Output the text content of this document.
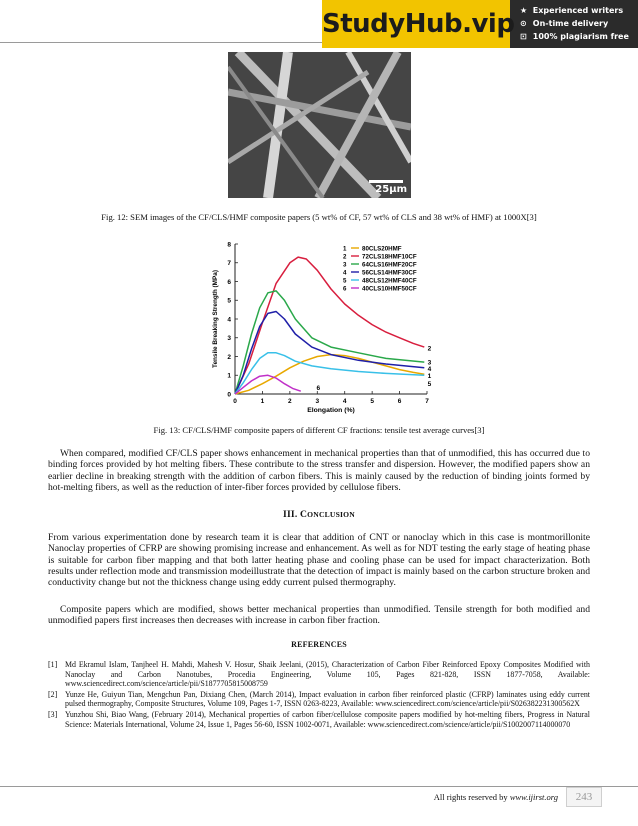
StudyHub.vip ★ Experienced writers
⊙ On-time delivery
⊡ 100% plagiarism free
25μm
Fig. 12: SEM images of the CF/CLS/HMF composite papers (5 wt% of CF, 57 wt% of CLS and 38 wt% of HMF) at 1000X[3]
0	1	2	3	4	5	6	7
0
1
2
3
4
5
6
7
8
Elongation (%)
Tensile Breaking Strength (MPa)	2
3
4
1
5
6
1	80CLS20HMF
2	72CLS18HMF10CF
3	64CLS16HMF20CF
4	56CLS14HMF30CF
5	48CLS12HMF40CF
6	40CLS10HMF50CF
Fig. 13: CF/CLS/HMF composite papers of different CF fractions: tensile test average curves[3]
When compared, modified CF/CLS paper shows enhancement in mechanical properties than that of unmodified, this has occurred due to binding forces provided by hot melting fibers. These contribute to the stress transfer and dispersion. However, the modified papers show an earlier decline in breaking strength with the addition of carbon fibers. This is mainly caused by the reduction of binding joints formed by hot-melting fibers, as well as the reduction of inter-fiber forces provided by cellulose fibers.
III. CONCLUSION
From various experimentation done by research team it is clear that addition of CNT or nanoclay which in this case is montmorillonite Nanoclay properties of CFRP are showing promising increase and enhancement. As well as for NDT testing the early stage of heating phase is suitable for carbon fiber mapping and that both latter heating phase and cooling phase can be used for impact characterization. Both results under reflection mode and transmission modeillustrate that the detection of impact is mainly based on the carbon structure broken and conductivity change but not the thickness change using eddy current pulsed thermography.
Composite papers which are modified, shows better mechanical properties than unmodified. Tensile strength for both modified and unmodified papers first increases then decreases with increase in carbon fiber fraction.
REFERENCES
[1] Md Ekramul Islam, Tanjheel H. Mahdi, Mahesh V. Hosur, Shaik Jeelani, (2015), Characterization of Carbon Fiber Reinforced Epoxy Composites Modified with Nanoclay and Carbon Nanotubes, Procedia Engineering, Volume 105, Pages 821-828, ISSN 1877-7058, Available: www.sciencedirect.com/science/article/pii/S1877705815008759
[2] Yunze He, Guiyun Tian, Mengchun Pan, Dixiang Chen, (March 2014), Impact evaluation in carbon fiber reinforced plastic (CFRP) laminates using eddy current pulsed thermography, Composite Structures, Volume 109, Pages 1-7, ISSN 0263-8223, Available: www.sciencedirect.com/science/article/pii/S026382231300562X
[3] Yunzhou Shi, Biao Wang, (February 2014), Mechanical properties of carbon fiber/cellulose composite papers modified by hot-melting fibers, Progress in Natural Science: Materials International, Volume 24, Issue 1, Pages 56-60, ISSN 1002-0071, Available: www.sciencedirect.com/science/article/pii/S1002007114000070
All rights reserved by www.ijirst.org	243
